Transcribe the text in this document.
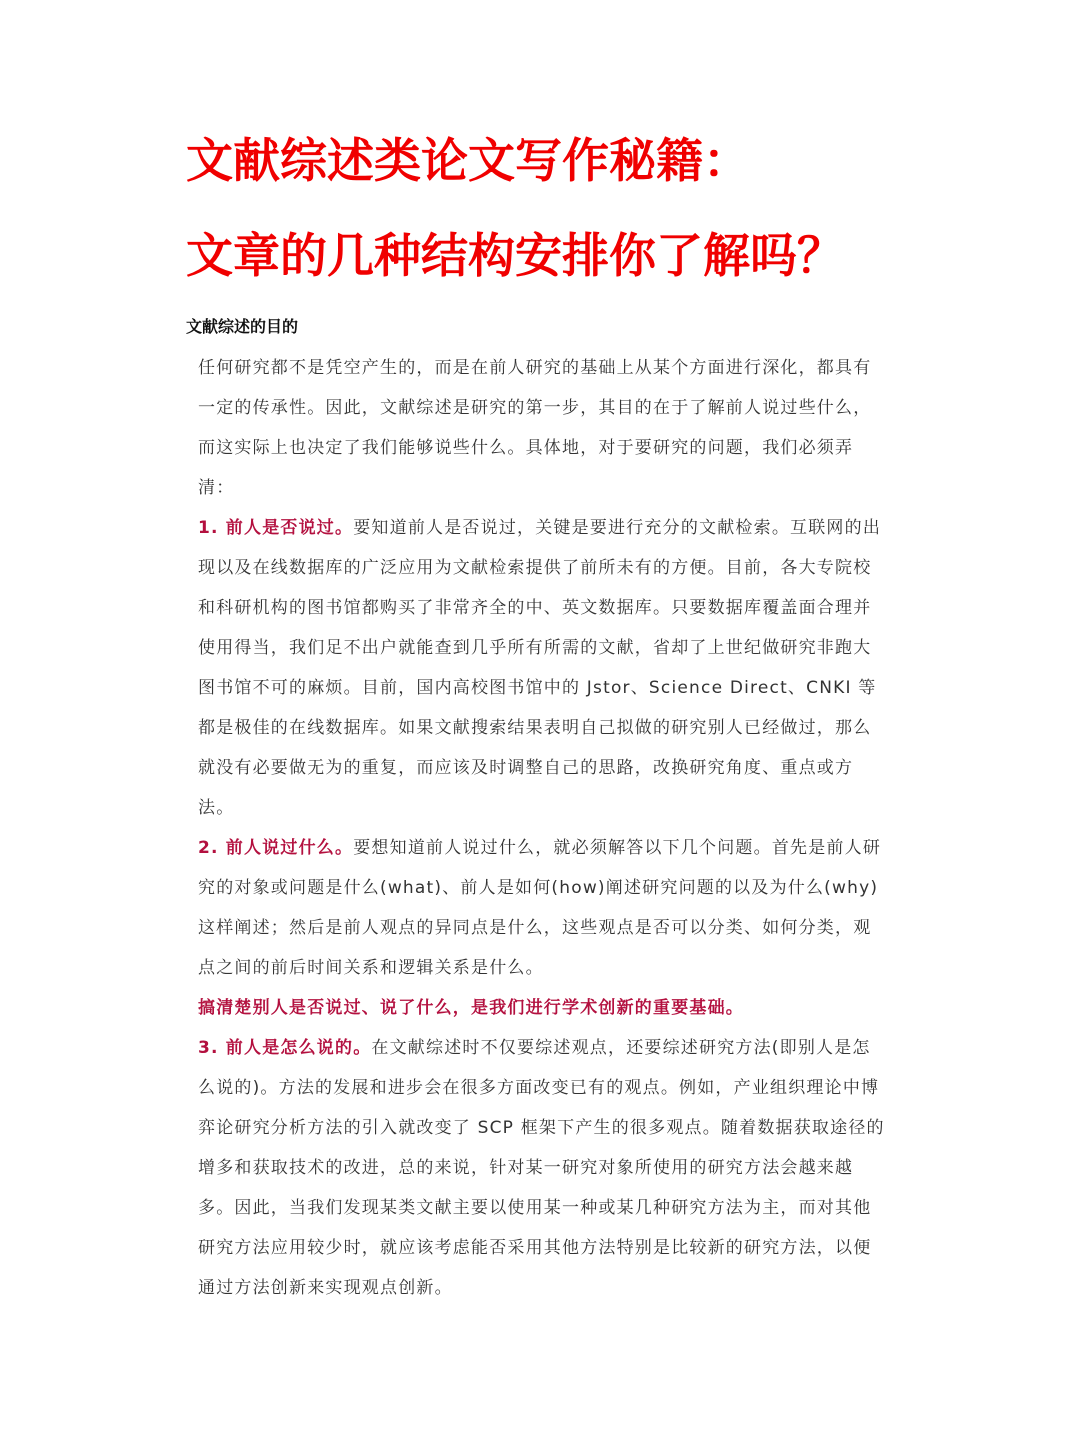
文献综述类论文写作秘籍：
文章的几种结构安排你了解吗？
文献综述的目的

任何研究都不是凭空产生的，而是在前人研究的基础上从某个方面进行深化，都具有一定的传承性。因此，文献综述是研究的第一步，其目的在于了解前人说过些什么，而这实际上也决定了我们能够说些什么。具体地，对于要研究的问题，我们必须弄清：

1. 前人是否说过。要知道前人是否说过，关键是要进行充分的文献检索。互联网的出现以及在线数据库的广泛应用为文献检索提供了前所未有的方便。目前，各大专院校和科研机构的图书馆都购买了非常齐全的中、英文数据库。只要数据库覆盖面合理并使用得当，我们足不出户就能查到几乎所有所需的文献，省却了上世纪做研究非跑大图书馆不可的麻烦。目前，国内高校图书馆中的 Jstor、Science Direct、CNKI 等都是极佳的在线数据库。如果文献搜索结果表明自己拟做的研究别人已经做过，那么就没有必要做无为的重复，而应该及时调整自己的思路，改换研究角度、重点或方法。

2. 前人说过什么。要想知道前人说过什么，就必须解答以下几个问题。首先是前人研究的对象或问题是什么(what)、前人是如何(how)阐述研究问题的以及为什么(why)这样阐述；然后是前人观点的异同点是什么，这些观点是否可以分类、如何分类，观点之间的前后时间关系和逻辑关系是什么。

搞清楚别人是否说过、说了什么，是我们进行学术创新的重要基础。

3. 前人是怎么说的。在文献综述时不仅要综述观点，还要综述研究方法(即别人是怎么说的)。方法的发展和进步会在很多方面改变已有的观点。例如，产业组织理论中博弈论研究分析方法的引入就改变了 SCP 框架下产生的很多观点。随着数据获取途径的增多和获取技术的改进，总的来说，针对某一研究对象所使用的研究方法会越来越多。因此，当我们发现某类文献主要以使用某一种或某几种研究方法为主，而对其他研究方法应用较少时，就应该考虑能否采用其他方法特别是比较新的研究方法，以便通过方法创新来实现观点创新。
